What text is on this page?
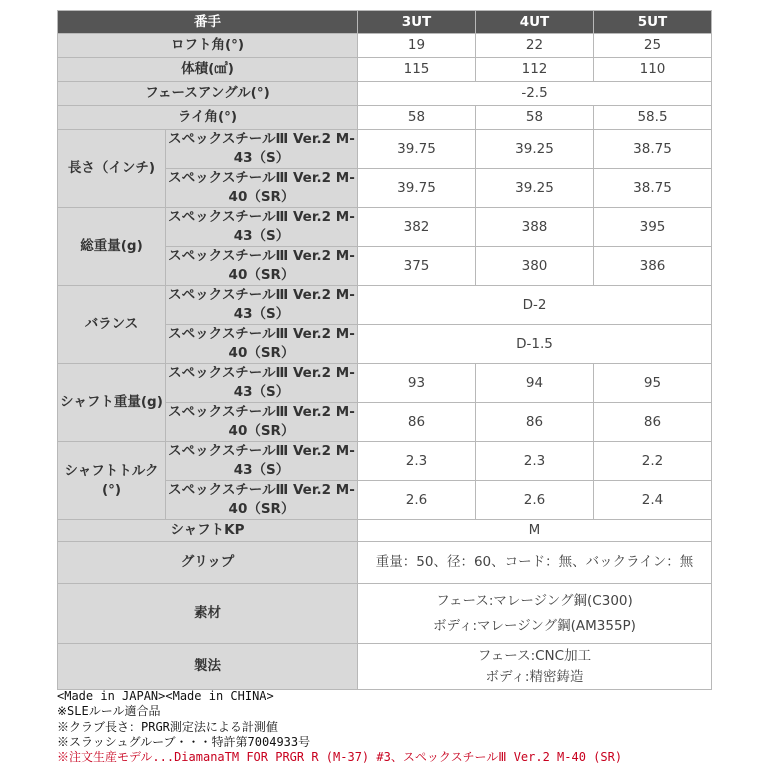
番手		3UT	4UT	5UT
ロフト角(°)		19	22	25
体積(㎤)		115	112	110
フェースアングル(°)		-2.5		
ライ角(°)		58	58	58.5
長さ（インチ)	スペックスチールⅢ Ver.2 M-43（S）	39.75	39.25	38.75
	スペックスチールⅢ Ver.2 M-40（SR）	39.75	39.25	38.75
総重量(g)	スペックスチールⅢ Ver.2 M-43（S）	382	388	395
	スペックスチールⅢ Ver.2 M-40（SR）	375	380	386
バランス	スペックスチールⅢ Ver.2 M-43（S）	D-2		
	スペックスチールⅢ Ver.2 M-40（SR）	D-1.5		
シャフト重量(g)	スペックスチールⅢ Ver.2 M-43（S）	93	94	95
	スペックスチールⅢ Ver.2 M-40（SR）	86	86	86
シャフトトルク(°)	スペックスチールⅢ Ver.2 M-43（S）	2.3	2.3	2.2
	スペックスチールⅢ Ver.2 M-40（SR）	2.6	2.6	2.4
シャフトKP		M		
グリップ		重量：50、径：60、コード：無、バックライン：無		
素材		フェース:マレージング鋼(C300)
ボディ:マレージング鋼(AM355P)		

製法		フェース:CNC加工
ボディ:精密鋳造		
<Made in JAPAN><Made in CHINA>
※SLEルール適合品
※クラブ長さ：PRGR測定法による計測値
※スラッシュグルーブ・・・特許第7004933号
※注文生産モデル...DiamanaTM FOR PRGR R (M-37) #3、スペックスチールⅢ Ver.2 M-40 (SR)
